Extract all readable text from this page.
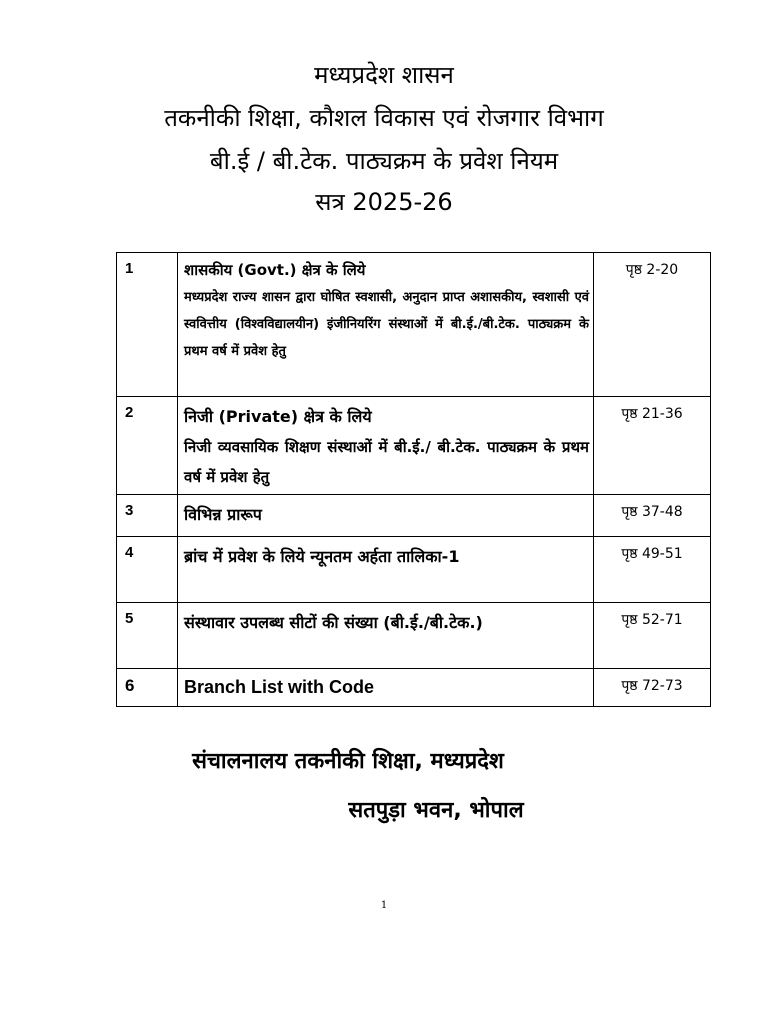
मध्यप्रदेश शासन
तकनीकी शिक्षा, कौशल विकास एवं रोजगार विभाग
बी.ई / बी.टेक. पाठ्यक्रम के प्रवेश नियम
सत्र 2025-26
1	शासकीय (Govt.) क्षेत्र के लिये
मध्यप्रदेश राज्य शासन द्वारा घोषित स्वशासी, अनुदान प्राप्त अशासकीय, स्वशासी एवं स्ववित्तीय (विश्वविद्यालयीन) इंजीनियरिंग संस्थाओं में बी.ई./बी.टेक. पाठ्यक्रम के प्रथम वर्ष में प्रवेश हेतु	पृष्ठ 2-20
2	निजी (Private) क्षेत्र के लिये
निजी व्यवसायिक शिक्षण संस्थाओं में बी.ई./ बी.टेक. पाठ्यक्रम के प्रथम वर्ष में प्रवेश हेतु	पृष्ठ 21-36
3	विभिन्न प्रारूप	पृष्ठ 37-48
4	ब्रांच में प्रवेश के लिये न्यूनतम अर्हता तालिका-1	पृष्ठ 49-51
5	संस्थावार उपलब्ध सीटों की संख्या (बी.ई./बी.टेक.)	पृष्ठ 52-71
6	Branch List with Code	पृष्ठ 72-73
संचालनालय तकनीकी शिक्षा, मध्यप्रदेश
सतपुड़ा भवन, भोपाल
1
